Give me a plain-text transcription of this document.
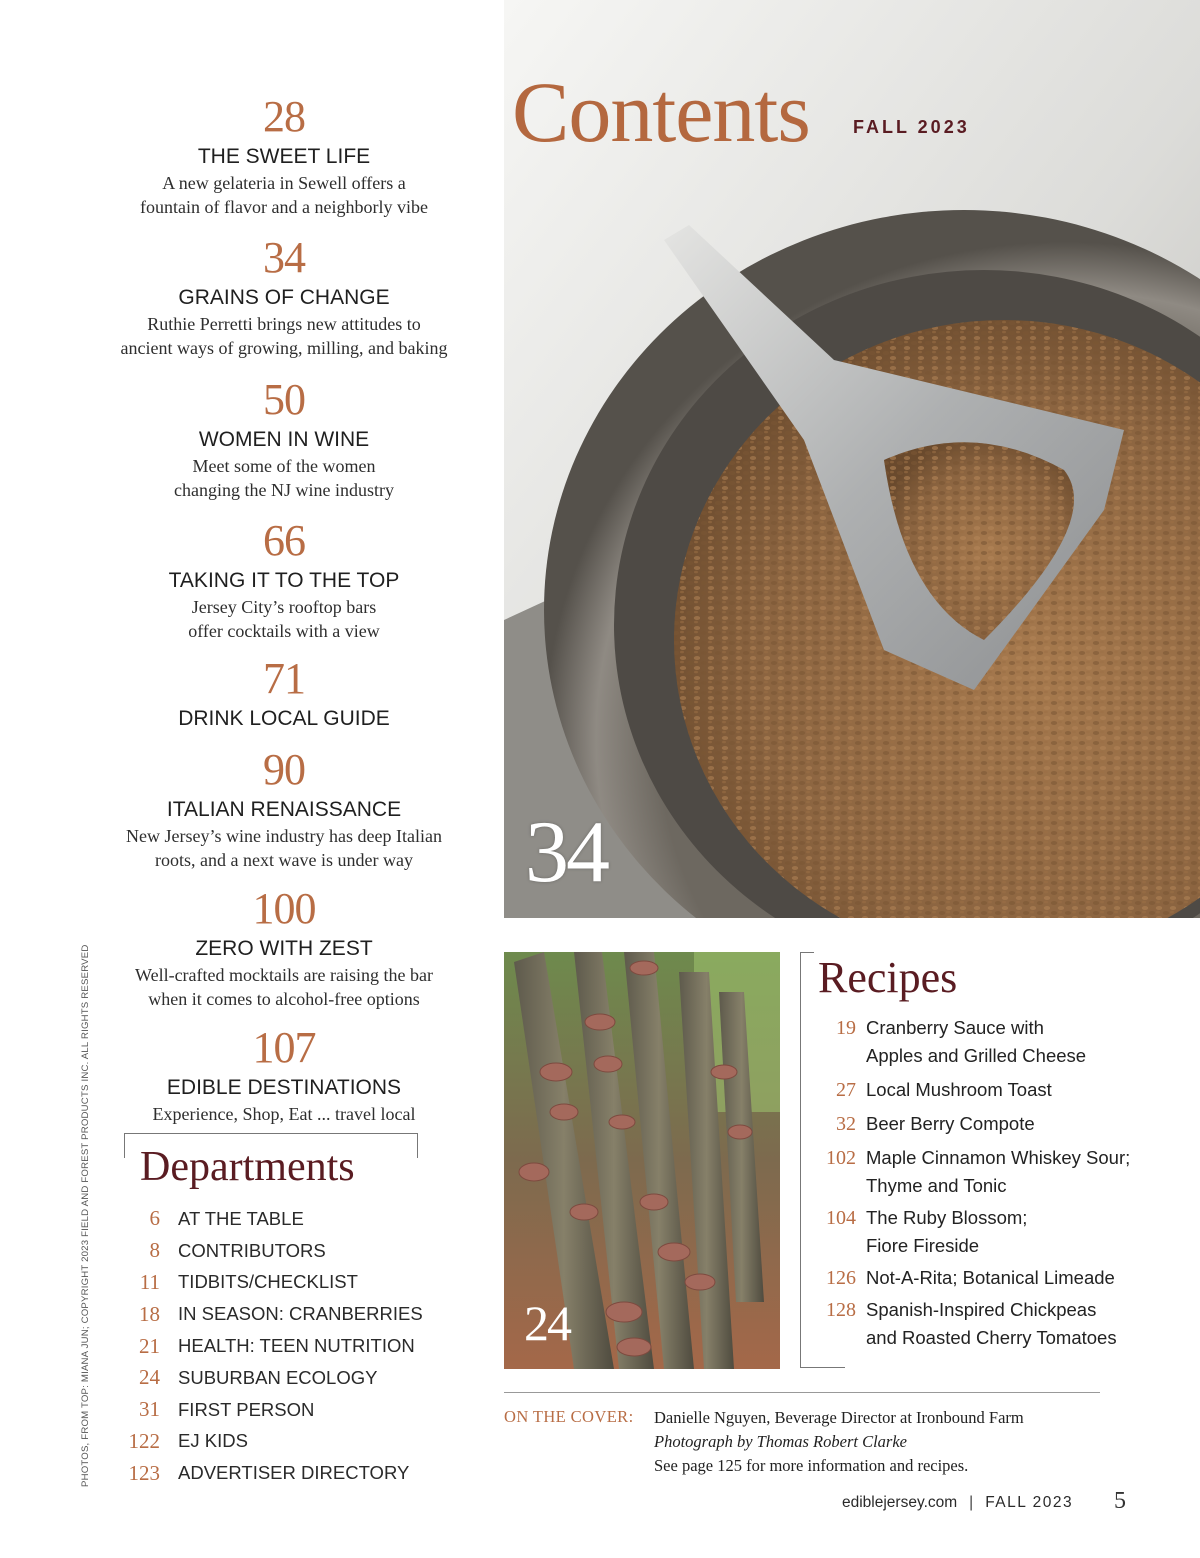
Contents FALL 2023
34
28
THE SWEET LIFE
A new gelateria in Sewell offers a
fountain of flavor and a neighborly vibe
34
GRAINS OF CHANGE
Ruthie Perretti brings new attitudes to
ancient ways of growing, milling, and baking
50
WOMEN IN WINE
Meet some of the women
changing the NJ wine industry
66
TAKING IT TO THE TOP
Jersey City’s rooftop bars
offer cocktails with a view
71
DRINK LOCAL GUIDE
90
ITALIAN RENAISSANCE
New Jersey’s wine industry has deep Italian
roots, and a next wave is under way
100
ZERO WITH ZEST
Well-crafted mocktails are raising the bar
when it comes to alcohol-free options
107
EDIBLE DESTINATIONS
Experience, Shop, Eat ... travel local
PHOTOS, FROM TOP: MIANA JUN; COPYRIGHT 2023 FIELD AND FOREST PRODUCTS INC. ALL RIGHTS RESERVED Departments
6 AT THE TABLE
8 CONTRIBUTORS
11 TIDBITS/CHECKLIST
18 IN SEASON: CRANBERRIES
21 HEALTH: TEEN NUTRITION
24 SUBURBAN ECOLOGY
31 FIRST PERSON
122 EJ KIDS
123 ADVERTISER DIRECTORY
24
Recipes
19 Cranberry Sauce with
Apples and Grilled Cheese
27 Local Mushroom Toast
32 Beer Berry Compote
102 Maple Cinnamon Whiskey Sour;
Thyme and Tonic
104 The Ruby Blossom;
Fiore Fireside
126 Not-A-Rita; Botanical Limeade
128 Spanish-Inspired Chickpeas
and Roasted Cherry Tomatoes
ON THE COVER: Danielle Nguyen, Beverage Director at Ironbound Farm
Photograph by Thomas Robert Clarke
See page 125 for more information and recipes.
ediblejersey.com | FALL 2023 5
